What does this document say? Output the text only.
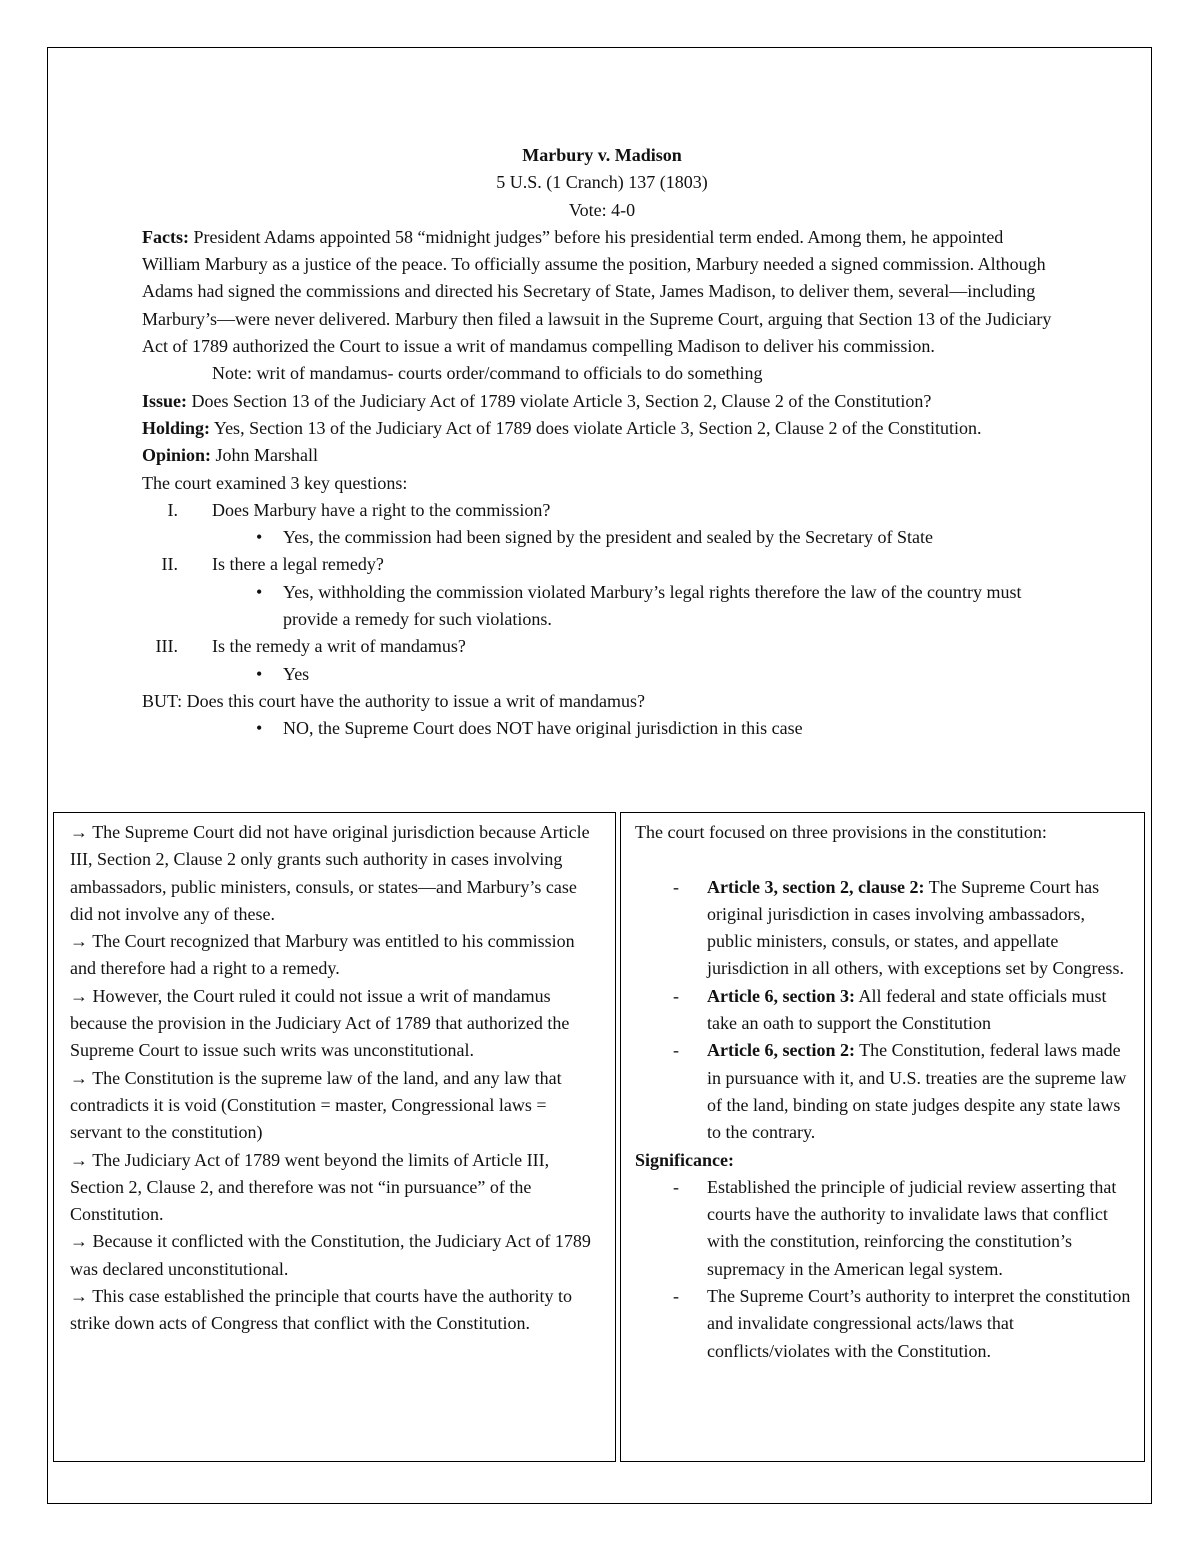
Marbury v. Madison
5 U.S. (1 Cranch) 137 (1803)
Vote: 4-0
Facts: President Adams appointed 58 “midnight judges” before his presidential term ended. Among them, he appointed William Marbury as a justice of the peace. To officially assume the position, Marbury needed a signed commission. Although Adams had signed the commissions and directed his Secretary of State, James Madison, to deliver them, several—including Marbury’s—were never delivered. Marbury then filed a lawsuit in the Supreme Court, arguing that Section 13 of the Judiciary Act of 1789 authorized the Court to issue a writ of mandamus compelling Madison to deliver his commission.
Note: writ of mandamus- courts order/command to officials to do something
Issue: Does Section 13 of the Judiciary Act of 1789 violate Article 3, Section 2, Clause 2 of the Constitution?
Holding: Yes, Section 13 of the Judiciary Act of 1789 does violate Article 3, Section 2, Clause 2 of the Constitution.
Opinion: John Marshall
The court examined 3 key questions:
I. Does Marbury have a right to the commission?
• Yes, the commission had been signed by the president and sealed by the Secretary of State
II. Is there a legal remedy?
• Yes, withholding the commission violated Marbury’s legal rights therefore the law of the country must provide a remedy for such violations.
III. Is the remedy a writ of mandamus?
• Yes
BUT: Does this court have the authority to issue a writ of mandamus?
• NO, the Supreme Court does NOT have original jurisdiction in this case

→ The Supreme Court did not have original jurisdiction because Article III, Section 2, Clause 2 only grants such authority in cases involving ambassadors, public ministers, consuls, or states—and Marbury’s case did not involve any of these.

→ The Court recognized that Marbury was entitled to his commission and therefore had a right to a remedy.

→ However, the Court ruled it could not issue a writ of mandamus because the provision in the Judiciary Act of 1789 that authorized the Supreme Court to issue such writs was unconstitutional.

→ The Constitution is the supreme law of the land, and any law that contradicts it is void (Constitution = master, Congressional laws = servant to the constitution)

→ The Judiciary Act of 1789 went beyond the limits of Article III, Section 2, Clause 2, and therefore was not “in pursuance” of the Constitution.

→ Because it conflicted with the Constitution, the Judiciary Act of 1789 was declared unconstitutional.

→ This case established the principle that courts have the authority to strike down acts of Congress that conflict with the Constitution.

The court focused on three provisions in the constitution:
- Article 3, section 2, clause 2: The Supreme Court has original jurisdiction in cases involving ambassadors, public ministers, consuls, or states, and appellate jurisdiction in all others, with exceptions set by Congress.
- Article 6, section 3: All federal and state officials must take an oath to support the Constitution
- Article 6, section 2: The Constitution, federal laws made in pursuance with it, and U.S. treaties are the supreme law of the land, binding on state judges despite any state laws to the contrary.
Significance:
- Established the principle of judicial review asserting that courts have the authority to invalidate laws that conflict with the constitution, reinforcing the constitution’s supremacy in the American legal system.
- The Supreme Court’s authority to interpret the constitution and invalidate congressional acts/laws that conflicts/violates with the Constitution.
